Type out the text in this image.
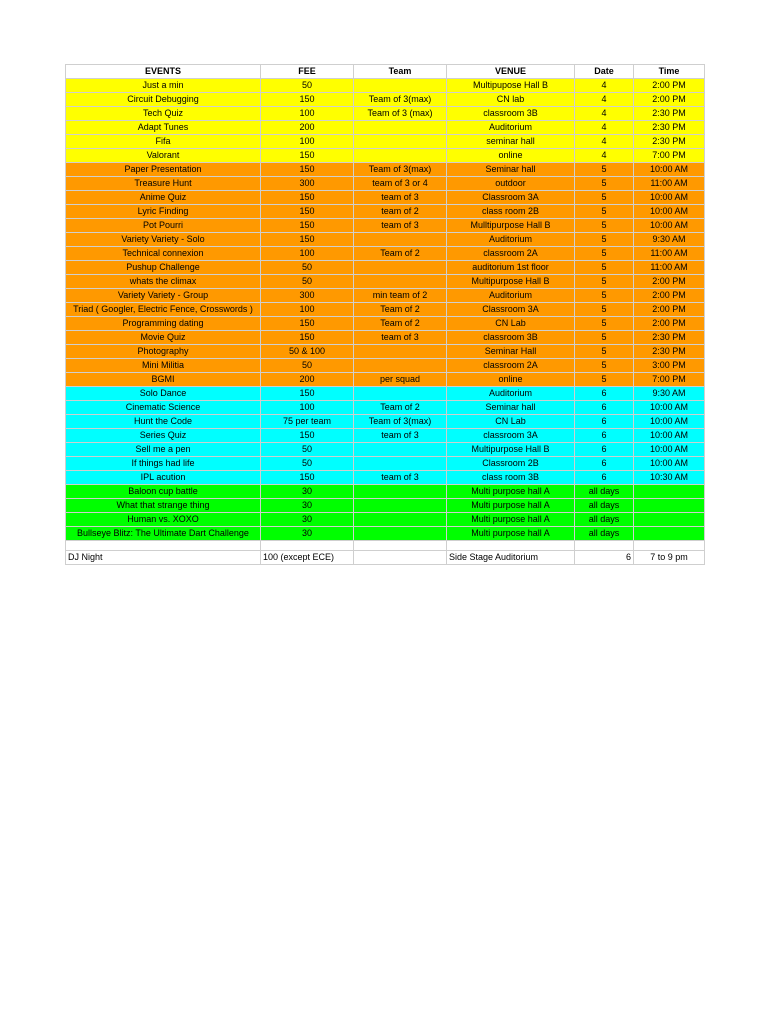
EVENTS	FEE	Team	VENUE	Date	Time
Just a min	50		Multipupose Hall B	4	2:00 PM
Circuit Debugging	150	Team of 3(max)	CN lab	4	2:00 PM
Tech Quiz	100	Team of 3 (max)	classroom 3B	4	2:30 PM
Adapt Tunes	200		Auditorium	4	2:30 PM
Fifa	100		seminar hall	4	2:30 PM
Valorant	150		online	4	7:00 PM
Paper Presentation	150	Team of 3(max)	Seminar hall	5	10:00 AM
Treasure Hunt	300	team of 3 or 4	outdoor	5	11:00 AM
Anime Quiz	150	team of 3	Classroom 3A	5	10:00 AM
Lyric Finding	150	team of 2	class room 2B	5	10:00 AM
Pot Pourri	150	team of 3	Mulltipurpose Hall B	5	10:00 AM
Variety Variety - Solo	150		Auditorium	5	9:30 AM
Technical connexion	100	Team of 2	classroom 2A	5	11:00 AM
Pushup Challenge	50		auditorium 1st floor	5	11:00 AM
whats the climax	50		Multipurpose Hall B	5	2:00 PM
Variety Variety - Group	300	min team of 2	Auditorium	5	2:00 PM
Triad ( Googler, Electric Fence, Crosswords )	100	Team of 2	Classroom 3A	5	2:00 PM
Programming dating	150	Team of 2	CN Lab	5	2:00 PM
Movie Quiz	150	team of 3	classroom 3B	5	2:30 PM
Photography	50 & 100		Seminar Hall	5	2:30 PM
Mini Militia	50		classroom 2A	5	3:00 PM
BGMI	200	per squad	online	5	7:00 PM
Solo Dance	150		Auditorium	6	9:30 AM
Cinematic Science	100	Team of 2	Seminar hall	6	10:00 AM
Hunt the Code	75 per team	Team of 3(max)	CN Lab	6	10:00 AM
Series Quiz	150	team of 3	classroom 3A	6	10:00 AM
Sell me a pen	50		Multipurpose Hall B	6	10:00 AM
If things had life	50		Classroom 2B	6	10:00 AM
IPL acution	150	team of 3	class room 3B	6	10:30 AM
Baloon cup battle	30		Multi purpose hall A	all days	
What that strange thing	30		Multi purpose hall A	all days	
Human vs. XOXO	30		Multi purpose hall A	all days	
Bullseye Blitz: The Ultimate Dart Challenge	30		Multi purpose hall A	all days	

DJ Night	100 (except ECE)		Side Stage Auditorium	6	7 to 9 pm
